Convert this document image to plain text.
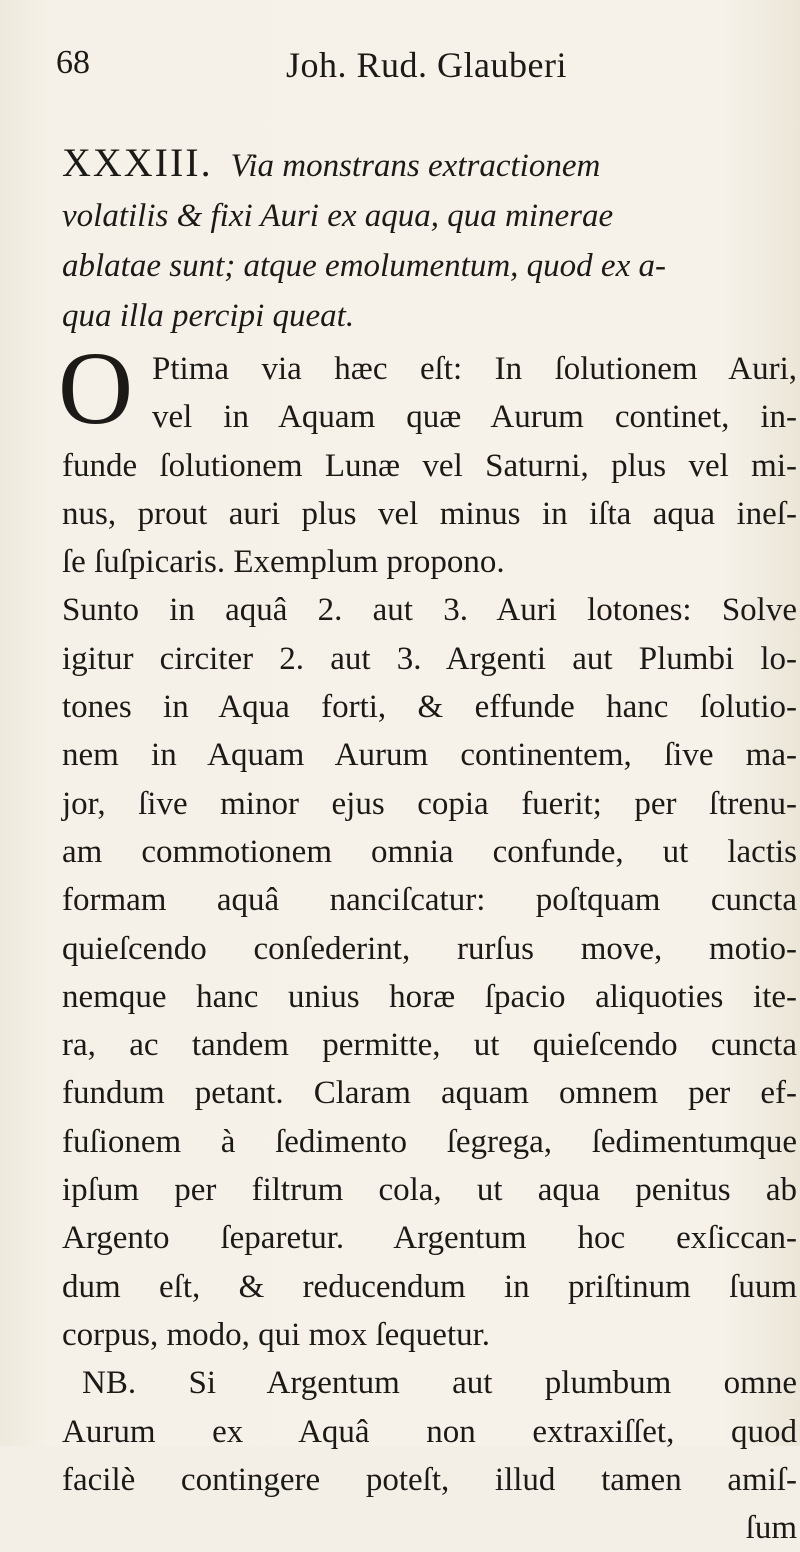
68	Joh. Rud. Glauberi
XXXIII. Via monstrans extractionem
volatilis & fixi Auri ex aqua, qua minerae
ablatae sunt; atque emolumentum, quod ex a-
qua illa percipi queat.
O Ptima via hæc eſt: In ſolutionem Auri,
vel in Aquam quæ Aurum continet, in-
funde ſolutionem Lunæ vel Saturni, plus vel mi-
nus, prout auri plus vel minus in iſta aqua ineſ-
ſe ſuſpicaris. Exemplum propono.
Sunto in aquâ 2. aut 3. Auri lotones: Solve
igitur circiter 2. aut 3. Argenti aut Plumbi lo-
tones in Aqua forti, & effunde hanc ſolutio-
nem in Aquam Aurum continentem, ſive ma-
jor, ſive minor ejus copia fuerit; per ſtrenu-
am commotionem omnia confunde, ut lactis
formam aquâ nanciſcatur: poſtquam cuncta
quieſcendo conſederint, rurſus move, motio-
nemque hanc unius horæ ſpacio aliquoties ite-
ra, ac tandem permitte, ut quieſcendo cuncta
fundum petant. Claram aquam omnem per ef-
fuſionem à ſedimento ſegrega, ſedimentumque
ipſum per filtrum cola, ut aqua penitus ab
Argento ſeparetur. Argentum hoc exſiccan-
dum eſt, & reducendum in priſtinum ſuum
corpus, modo, qui mox ſequetur.
NB. Si Argentum aut plumbum omne
Aurum ex Aquâ non extraxiſſet, quod
facilè contingere poteſt, illud tamen amiſ-
ſum
